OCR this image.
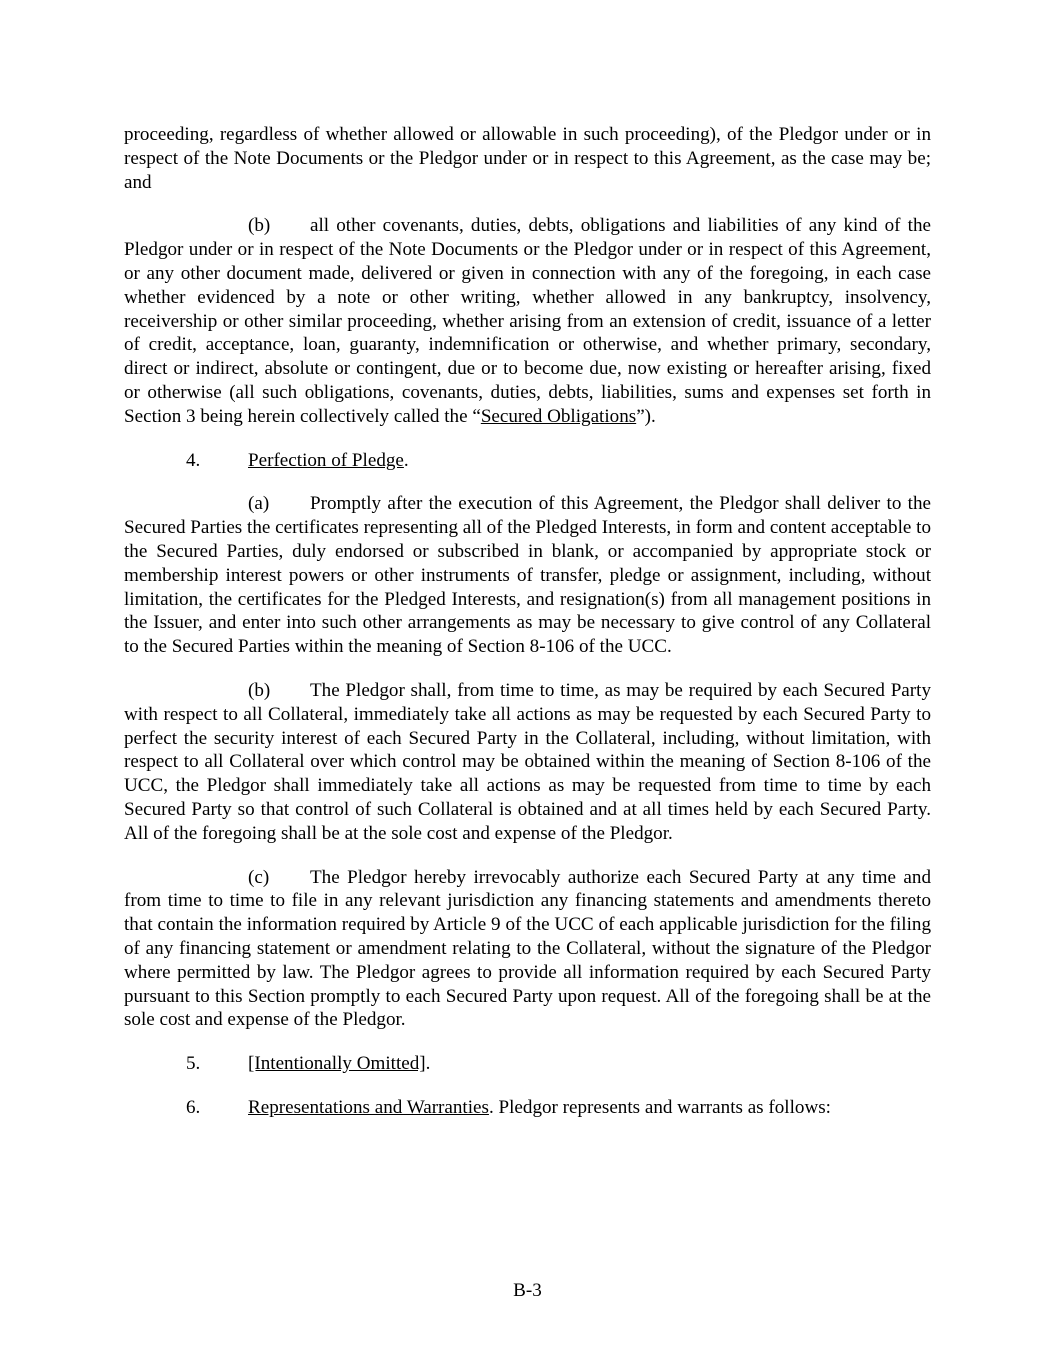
proceeding, regardless of whether allowed or allowable in such proceeding), of the Pledgor under or in respect of the Note Documents or the Pledgor under or in respect to this Agreement, as the case may be; and

(b) all other covenants, duties, debts, obligations and liabilities of any kind of the Pledgor under or in respect of the Note Documents or the Pledgor under or in respect of this Agreement, or any other document made, delivered or given in connection with any of the foregoing, in each case whether evidenced by a note or other writing, whether allowed in any bankruptcy, insolvency, receivership or other similar proceeding, whether arising from an extension of credit, issuance of a letter of credit, acceptance, loan, guaranty, indemnification or otherwise, and whether primary, secondary, direct or indirect, absolute or contingent, due or to become due, now existing or hereafter arising, fixed or otherwise (all such obligations, covenants, duties, debts, liabilities, sums and expenses set forth in Section 3 being herein collectively called the “Secured Obligations”).

4. Perfection of Pledge.

(a) Promptly after the execution of this Agreement, the Pledgor shall deliver to the Secured Parties the certificates representing all of the Pledged Interests, in form and content acceptable to the Secured Parties, duly endorsed or subscribed in blank, or accompanied by appropriate stock or membership interest powers or other instruments of transfer, pledge or assignment, including, without limitation, the certificates for the Pledged Interests, and resignation(s) from all management positions in the Issuer, and enter into such other arrangements as may be necessary to give control of any Collateral to the Secured Parties within the meaning of Section 8-106 of the UCC.

(b) The Pledgor shall, from time to time, as may be required by each Secured Party with respect to all Collateral, immediately take all actions as may be requested by each Secured Party to perfect the security interest of each Secured Party in the Collateral, including, without limitation, with respect to all Collateral over which control may be obtained within the meaning of Section 8-106 of the UCC, the Pledgor shall immediately take all actions as may be requested from time to time by each Secured Party so that control of such Collateral is obtained and at all times held by each Secured Party. All of the foregoing shall be at the sole cost and expense of the Pledgor.

(c) The Pledgor hereby irrevocably authorize each Secured Party at any time and from time to time to file in any relevant jurisdiction any financing statements and amendments thereto that contain the information required by Article 9 of the UCC of each applicable jurisdiction for the filing of any financing statement or amendment relating to the Collateral, without the signature of the Pledgor where permitted by law. The Pledgor agrees to provide all information required by each Secured Party pursuant to this Section promptly to each Secured Party upon request. All of the foregoing shall be at the sole cost and expense of the Pledgor.

5. [Intentionally Omitted].

6. Representations and Warranties. Pledgor represents and warrants as follows:

B-3
